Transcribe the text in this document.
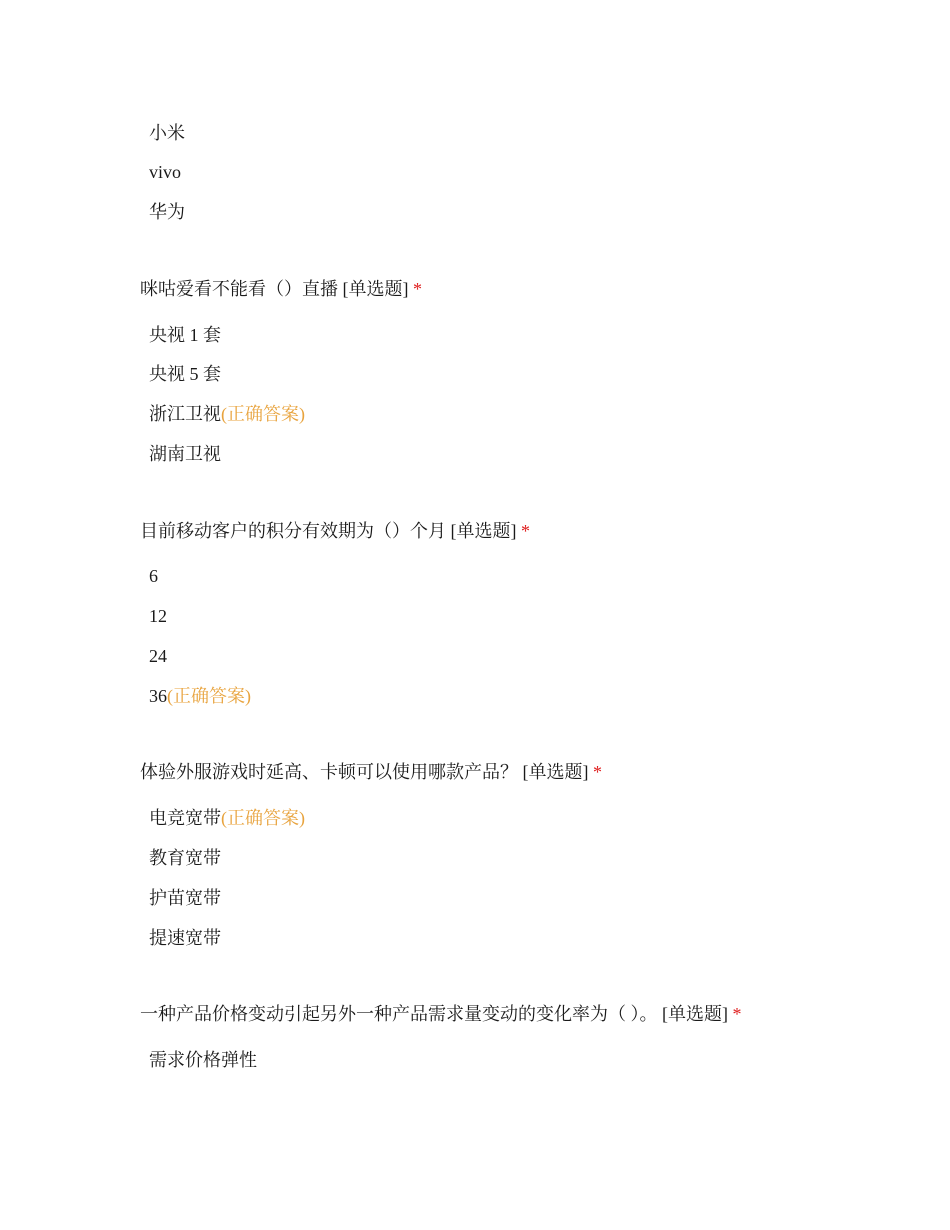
小米
vivo
华为
咪咕爱看不能看（）直播 [单选题] *
央视 1 套
央视 5 套
浙江卫视(正确答案)
湖南卫视
目前移动客户的积分有效期为（）个月 [单选题] *
6
12
24
36(正确答案)
体验外服游戏时延高、卡顿可以使用哪款产品？ [单选题] *
电竞宽带(正确答案)
教育宽带
护苗宽带
提速宽带
一种产品价格变动引起另外一种产品需求量变动的变化率为（ ）。 [单选题] *
需求价格弹性
